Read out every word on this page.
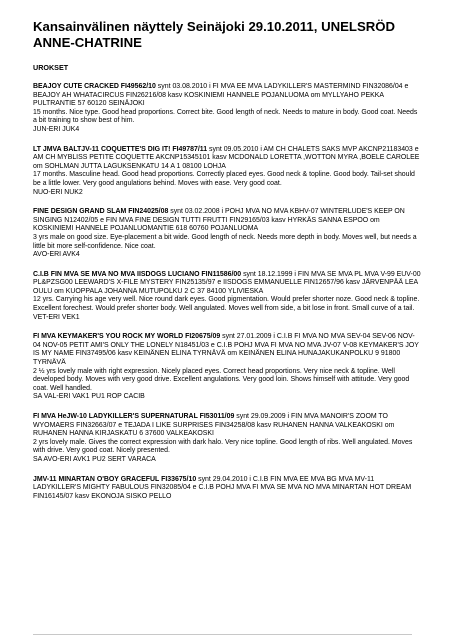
Kansainvälinen näyttely Seinäjoki 29.10.2011, UNELSRÖD
ANNE-CHATRINE
UROKSET

BEAJOY CUTE CRACKED FI49562/10 synt 03.08.2010 i FI MVA EE MVA LADYKILLER'S MASTERMIND FIN32086/04 e BEAJOY AH WHATACIRCUS FIN26216/08 kasv KOSKINIEMI HANNELE POJANLUOMA om MYLLYAHO PEKKA PULTRANTIE 57 60120 SEINÄJOKI

15 months. Nice type. Good head proportions. Correct bite. Good length of neck. Needs to mature in body. Good coat. Needs a bit training to show best of him.

JUN-ERI JUK4

LT JMVA BALTJV-11 COQUETTE'S DIG IT! FI49787/11 synt 09.05.2010 i AM CH CHALETS SAKS MVP AKCNP21183403 e AM CH MYBLISS PETITE COQUETTE AKCNP15345101 kasv MCDONALD LORETTA ,WOTTON MYRA ,BOELE CAROLEE om SOHLMAN JUTTA LAGUKSENKATU 14 A 1 08100 LOHJA

17 months. Masculine head. Good head proportions. Correctly placed eyes. Good neck & topline. Good body. Tail-set should be a little lower. Very good angulations behind. Moves with ease. Very good coat.

NUO-ERI NUK2

FINE DESIGN GRAND SLAM FIN24025/08 synt 03.02.2008 i POHJ MVA NO MVA KBHV-07 WINTERLUDE'S KEEP ON SINGING N12402/05 e FIN MVA FINE DESIGN TUTTI FRUTTI FIN29165/03 kasv HYRKÄS SANNA ESPOO om KOSKINIEMI HANNELE POJANLUOMANTIE 618 60760 POJANLUOMA

3 yrs male on good size. Eye-placement a bit wide. Good length of neck. Needs more depth in body. Moves well, but needs a little bit more self-confidence. Nice coat.

AVO-ERI AVK4

C.I.B FIN MVA SE MVA NO MVA IISDOGS LUCIANO FIN11586/00 synt 18.12.1999 i FIN MVA SE MVA PL MVA V-99 EUV-00 PL&PZSG00 LEEWARD'S X-FILE MYSTERY FIN25135/97 e IISDOGS EMMANUELLE FIN12657/96 kasv JÄRVENPÄÄ LEA OULU om KUOPPALA JOHANNA MUTUPOLKU 2 C 37 84100 YLIVIESKA

12 yrs. Carrying his age very well. Nice round dark eyes. Good pigmentation. Would prefer shorter noze. Good neck & topline. Excellent forechest. Would prefer shorter body. Well angulated. Moves well from side, a bit lose in front. Small curve of a tail.

VET-ERI VEK1

FI MVA KEYMAKER'S YOU ROCK MY WORLD FI20675/09 synt 27.01.2009 i C.I.B FI MVA NO MVA SEV-04 SEV-06 NOV-04 NOV-05 PETIT AMI'S ONLY THE LONELY N18451/03 e C.I.B POHJ MVA FI MVA NO MVA JV-07 V-08 KEYMAKER'S JOY IS MY NAME FIN37495/06 kasv KEINÄNEN ELINA TYRNÄVÄ om KEINÄNEN ELINA HUNAJAKUKANPOLKU 9 91800 TYRNÄVÄ

2 ½ yrs lovely male with right expression. Nicely placed eyes. Correct head proportions. Very nice neck & topline. Well developed body. Moves with very good drive. Excellent angulations. Very good loin. Shows himself with attitude. Very good coat. Well handled.

SA VAL-ERI VAK1 PU1 ROP CACIB

FI MVA HeJW-10 LADYKILLER'S SUPERNATURAL FI53011/09 synt 29.09.2009 i FIN MVA MANOIR'S ZOOM TO WYOMAERS FIN32663/07 e TEJADA I LIKE SURPRISES FIN34258/08 kasv RUHANEN HANNA VALKEAKOSKI om RUHANEN HANNA KIRJASKATU 6 37600 VALKEAKOSKI

2 yrs lovely male. Gives the correct expression with dark halo. Very nice topline. Good length of ribs. Well angulated. Moves with drive. Very good coat. Nicely presented.

SA AVO-ERI AVK1 PU2 SERT VARACA

JMV-11 MINARTAN O'BOY GRACEFUL FI33675/10 synt 29.04.2010 i C.I.B FIN MVA EE MVA BG MVA MV-11 LADYKILLER'S MIGHTY FABULOUS FIN32085/04 e C.I.B POHJ MVA FI MVA SE MVA NO MVA MINARTAN HOT DREAM FIN16145/07 kasv EKONOJA SISKO PELLO
